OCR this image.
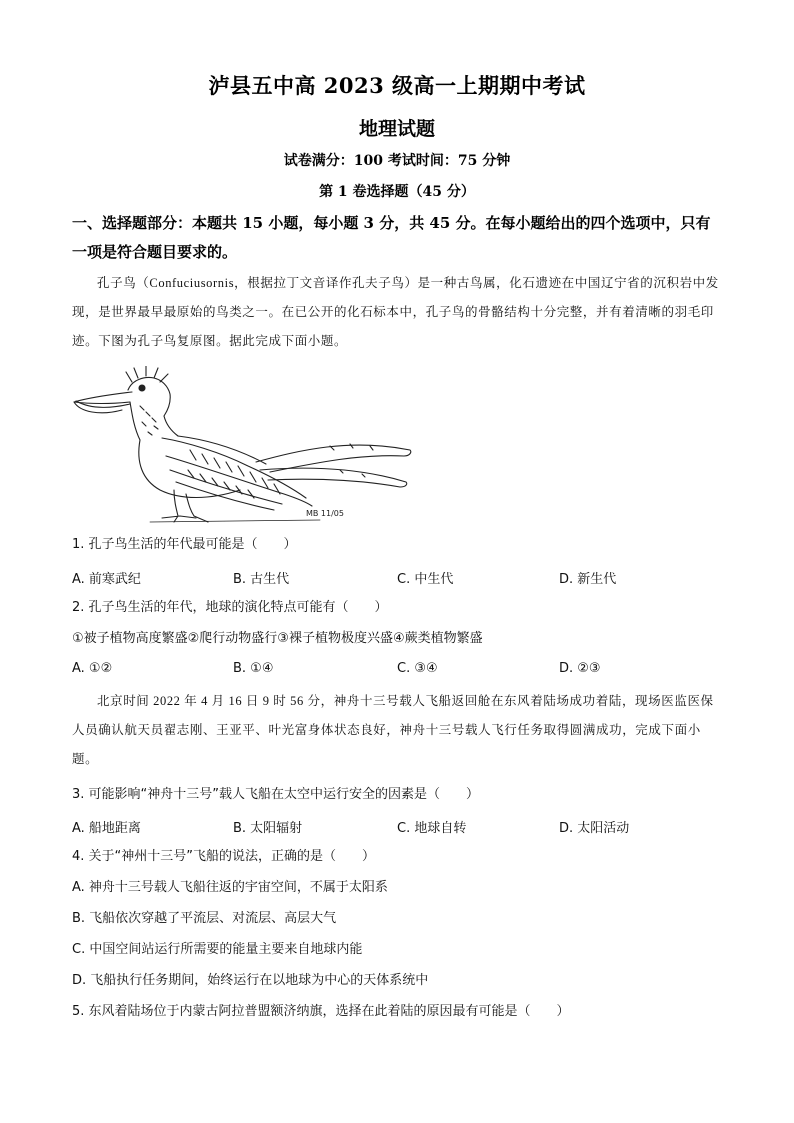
泸县五中高 2023 级高一上期期中考试
地理试题
试卷满分：100 考试时间：75 分钟
第 1 卷选择题（45 分）
一、选择题部分：本题共 15 小题，每小题 3 分，共 45 分。在每小题给出的四个选项中，只有一项是符合题目要求的。
孔子鸟（Confuciusornis，根据拉丁文音译作孔夫子鸟）是一种古鸟属，化石遗迹在中国辽宁省的沉积岩中发现，是世界最早最原始的鸟类之一。在已公开的化石标本中，孔子鸟的骨骼结构十分完整，并有着清晰的羽毛印迹。下图为孔子鸟复原图。据此完成下面小题。
MB 11/05
1. 孔子鸟生活的年代最可能是（　　）
A. 前寒武纪	B. 古生代	C. 中生代	D. 新生代
2. 孔子鸟生活的年代，地球的演化特点可能有（　　）
①被子植物高度繁盛②爬行动物盛行③裸子植物极度兴盛④蕨类植物繁盛
A. ①②	B. ①④	C. ③④	D. ②③
北京时间 2022 年 4 月 16 日 9 时 56 分，神舟十三号载人飞船返回舱在东风着陆场成功着陆，现场医监医保人员确认航天员翟志刚、王亚平、叶光富身体状态良好，神舟十三号载人飞行任务取得圆满成功，完成下面小题。
3. 可能影响“神舟十三号”载人飞船在太空中运行安全的因素是（　　）
A. 船地距离	B. 太阳辐射	C. 地球自转	D. 太阳活动
4. 关于“神州十三号”飞船的说法，正确的是（　　）
A. 神舟十三号载人飞船往返的宇宙空间，不属于太阳系
B. 飞船依次穿越了平流层、对流层、高层大气
C. 中国空间站运行所需要的能量主要来自地球内能
D. 飞船执行任务期间，始终运行在以地球为中心的天体系统中
5. 东风着陆场位于内蒙古阿拉普盟额济纳旗，选择在此着陆的原因最有可能是（　　）
